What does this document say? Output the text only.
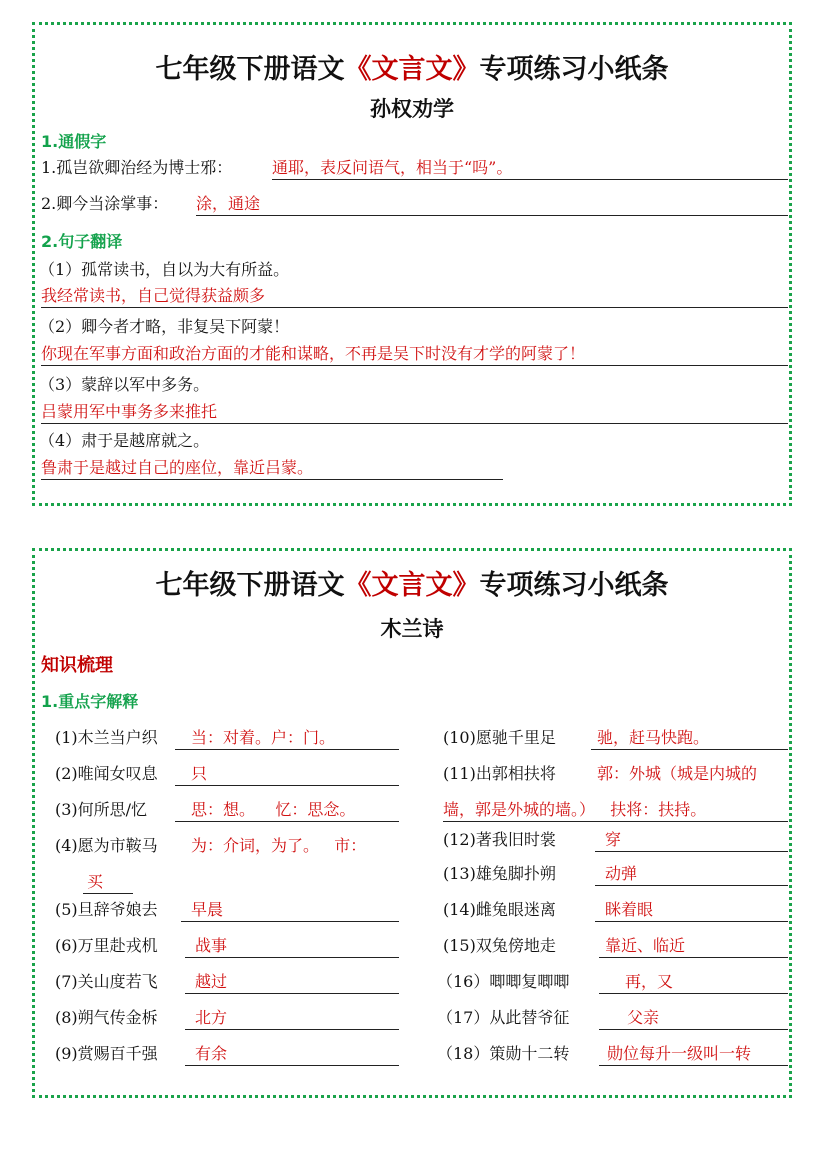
七年级下册语文《文言文》专项练习小纸条
孙权劝学
1.通假字
1.孤岂欲卿治经为博士邪： 通耶，表反问语气，相当于“吗”。
2.卿今当涂掌事： 涂，通途
2.句子翻译
（1）孤常读书，自以为大有所益。
我经常读书，自己觉得获益颇多
（2）卿今者才略，非复吴下阿蒙！
你现在军事方面和政治方面的才能和谋略，不再是吴下时没有才学的阿蒙了！
（3）蒙辞以军中多务。
吕蒙用军中事务多来推托
（4）肃于是越席就之。
鲁肃于是越过自己的座位，靠近吕蒙。
七年级下册语文《文言文》专项练习小纸条
木兰诗
知识梳理
1.重点字解释
(1)木兰当户织	当：对着。户：门。
(2)唯闻女叹息	只
(3)何所思/忆	思：想。    忆：思念。
(4)愿为市鞍马 为：介词，为了。   市：
买
(5)旦辞爷娘去	早晨
(6)万里赴戎机	战事
(7)关山度若飞	越过
(8)朔气传金柝	北方
(9)赏赐百千强	有余
(10)愿驰千里足	驰，赶马快跑。
(11)出郭相扶将	郭：外城（城是内城的
墙，郭是外城的墙。）   扶将：扶持。
(12)著我旧时裳	穿
(13)雄兔脚扑朔	动弹
(14)雌兔眼迷离	眯着眼
(15)双兔傍地走	靠近、临近
（16）唧唧复唧唧	再，又
（17）从此替爷征	父亲
（18）策勋十二转	勋位每升一级叫一转
